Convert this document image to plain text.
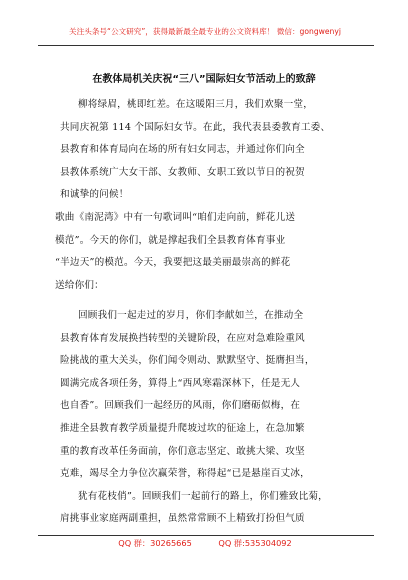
关注头条号“公文研究”，获得最新最全最专业的公文资料库！ 微信：gongwenyj
在教体局机关庆祝“三八”国际妇女节活动上的致辞
柳将绿眉，桃即红差。在这暖阳三月，我们欢聚一堂，
共同庆祝第 114 个国际妇女节。在此，我代表县委教育工委、
县教育和体育局向在场的所有妇女同志，并通过你们向全
县教体系统广大女干部、女教师、女职工致以节日的祝贺
和诚挚的问候！
歌曲《南泥湾》中有一句歌词叫“咱们走向前，鲜花儿送
模范”。今天的你们，就是撑起我们全县教育体育事业
“半边天”的模范。今天，我要把这最美丽最崇高的鲜花
送给你们：
回顾我们一起走过的岁月，你们李献如兰，在推动全
县教育体育发展换挡转型的关键阶段，在应对急难险重风
险挑战的重大关头，你们闻令则动、默默坚守、挺膺担当，
圆满完成各项任务，算得上“西风寒霜深林下，任是无人
也自香”。回顾我们一起经历的风雨，你们磨砺似梅，在
推进全县教育教学质量提升爬坡过坎的征途上，在急加繁
重的教育改革任务面前，你们意志坚定、敢挑大梁、攻坚
克难，竭尽全力争位次赢荣誉，称得起“已是悬崖百丈冰，
犹有花枝俏”。回顾我们一起前行的路上，你们雅致比菊，
肩挑事业家庭两副重担，虽然常常顾不上精致打扮但气质
QQ 群：30265665	QQ 群:535304092
